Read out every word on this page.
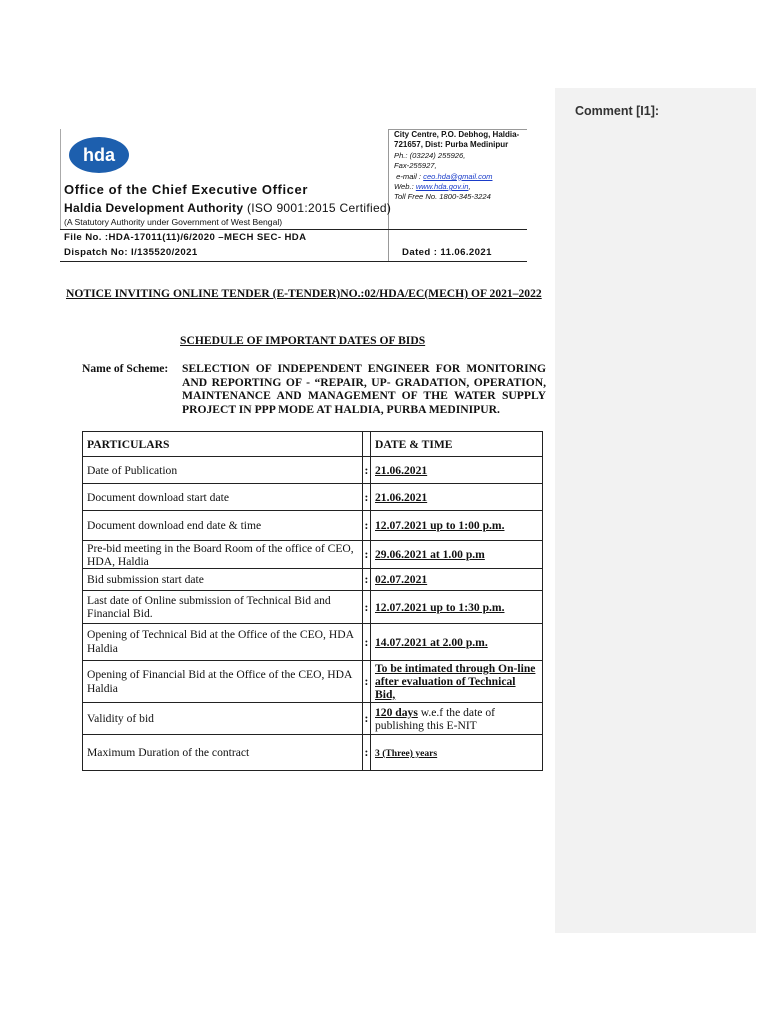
Comment [I1]:
hda
Office of the Chief Executive Officer
Haldia Development Authority (ISO 9001:2015 Certified)
(A Statutory Authority under Government of West Bengal)
City Centre, P.O. Debhog, Haldia-
721657, Dist: Purba Medinipur
Ph.: (03224) 255926,
Fax-255927,
e-mail : ceo.hda@gmail.com
Web.: www.hda.gov.in,
Toll Free No. 1800-345-3224
File No. :HDA-17011(11)/6/2020 –MECH SEC- HDA
Dispatch No: I/135520/2021	Dated : 11.06.2021
NOTICE INVITING ONLINE TENDER (E-TENDER)NO.:02/HDA/EC(MECH) OF 2021–2022
SCHEDULE OF IMPORTANT DATES OF BIDS
Name of Scheme: SELECTION OF INDEPENDENT ENGINEER FOR MONITORING AND REPORTING OF - “REPAIR, UP- GRADATION, OPERATION, MAINTENANCE AND MANAGEMENT OF THE WATER SUPPLY PROJECT IN PPP MODE AT HALDIA, PURBA MEDINIPUR.
PARTICULARS		DATE & TIME
Date of Publication	:	21.06.2021
Document download start date	:	21.06.2021
Document download end date & time	:	12.07.2021 up to 1:00 p.m.
Pre-bid meeting in the Board Room of the office of CEO, HDA, Haldia	:	29.06.2021 at 1.00 p.m
Bid submission start date	:	02.07.2021
Last date of Online submission of Technical Bid and Financial Bid.	:	12.07.2021 up to 1:30 p.m.
Opening of Technical Bid at the Office of the CEO, HDA Haldia	:	14.07.2021 at 2.00 p.m.
Opening of Financial Bid at the Office of the CEO, HDA Haldia	:	To be intimated through On-line after evaluation of Technical Bid,
Validity of bid	:	120 days w.e.f the date of publishing this E-NIT
Maximum Duration of the contract	:	3 (Three) years
